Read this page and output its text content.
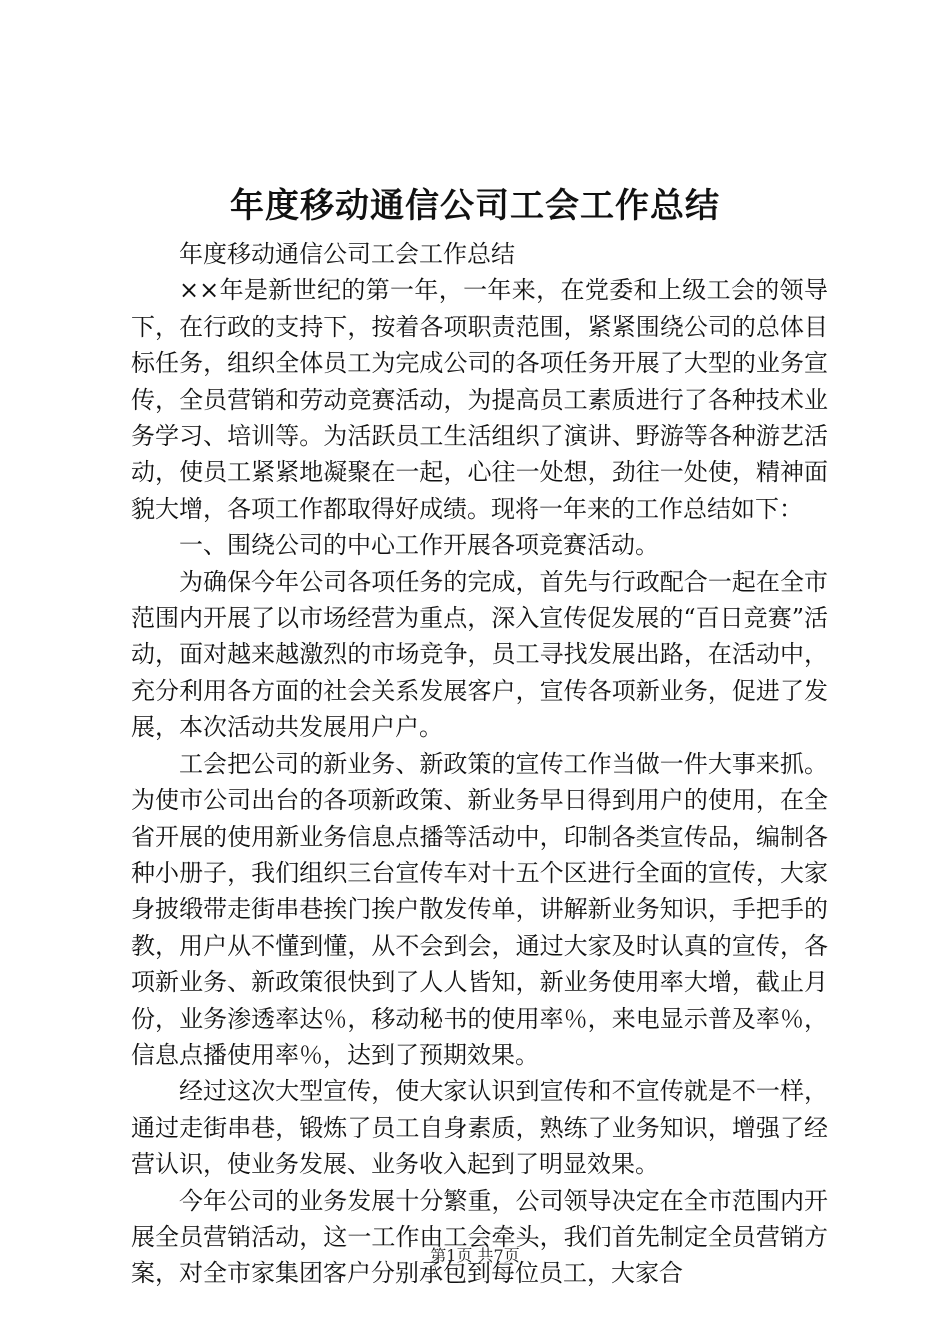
年度移动通信公司工会工作总结

年度移动通信公司工会工作总结

××年是新世纪的第一年，一年来，在党委和上级工会的领导下，在行政的支持下，按着各项职责范围，紧紧围绕公司的总体目标任务，组织全体员工为完成公司的各项任务开展了大型的业务宣传，全员营销和劳动竞赛活动，为提高员工素质进行了各种技术业务学习、培训等。为活跃员工生活组织了演讲、野游等各种游艺活动，使员工紧紧地凝聚在一起，心往一处想，劲往一处使，精神面貌大增，各项工作都取得好成绩。现将一年来的工作总结如下：

一、围绕公司的中心工作开展各项竞赛活动。

为确保今年公司各项任务的完成，首先与行政配合一起在全市范围内开展了以市场经营为重点，深入宣传促发展的“百日竞赛”活动，面对越来越激烈的市场竞争，员工寻找发展出路，在活动中，充分利用各方面的社会关系发展客户，宣传各项新业务，促进了发展，本次活动共发展用户户。

工会把公司的新业务、新政策的宣传工作当做一件大事来抓。为使市公司出台的各项新政策、新业务早日得到用户的使用，在全省开展的使用新业务信息点播等活动中，印制各类宣传品，编制各种小册子，我们组织三台宣传车对十五个区进行全面的宣传，大家身披缎带走街串巷挨门挨户散发传单，讲解新业务知识，手把手的教，用户从不懂到懂，从不会到会，通过大家及时认真的宣传，各项新业务、新政策很快到了人人皆知，新业务使用率大增，截止月份，业务渗透率达％，移动秘书的使用率％，来电显示普及率％，信息点播使用率％，达到了预期效果。

经过这次大型宣传，使大家认识到宣传和不宣传就是不一样，通过走街串巷，锻炼了员工自身素质，熟练了业务知识，增强了经营认识，使业务发展、业务收入起到了明显效果。

今年公司的业务发展十分繁重，公司领导决定在全市范围内开展全员营销活动，这一工作由工会牵头，我们首先制定全员营销方案，对全市家集团客户分别承包到每位员工，大家合

第1页 共7页
